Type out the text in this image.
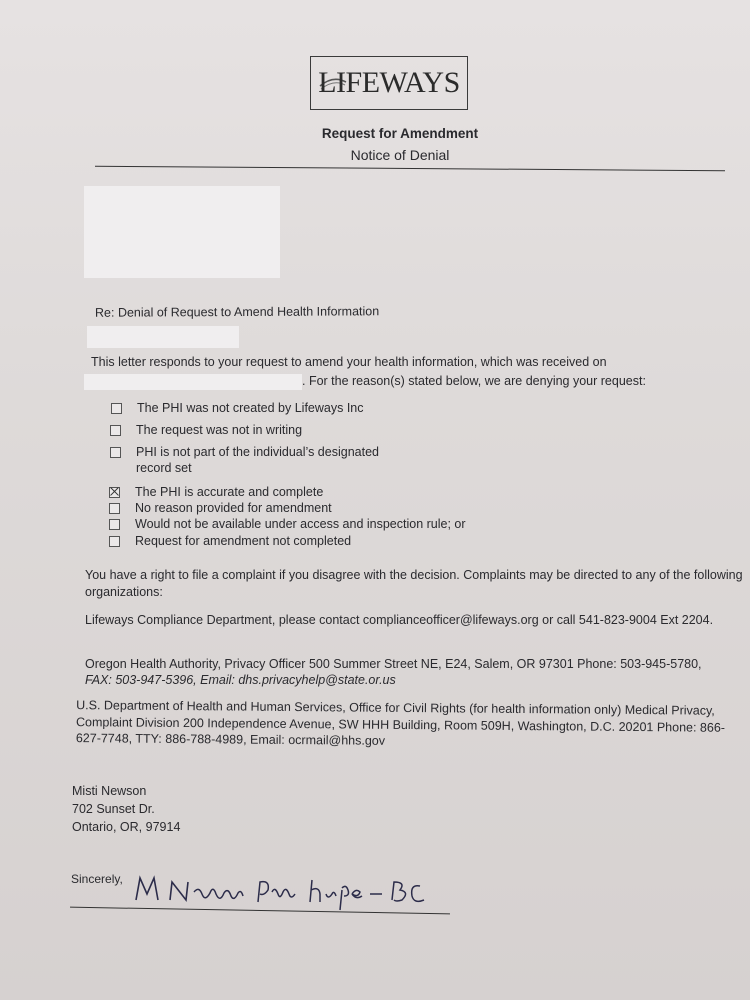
LIFEWAYS
Request for Amendment
Notice of Denial
Re: Denial of Request to Amend Health Information
This letter responds to your request to amend your health information, which was received on
. For the reason(s) stated below, we are denying your request:
The PHI was not created by Lifeways Inc
The request was not in writing
PHI is not part of the individual’s designated
record set
The PHI is accurate and complete
No reason provided for amendment
Would not be available under access and inspection rule; or
Request for amendment not completed
You have a right to file a complaint if you disagree with the decision. Complaints may be directed to any of the following organizations:
Lifeways Compliance Department, please contact complianceofficer@lifeways.org or call 541-823-9004 Ext 2204.
Oregon Health Authority, Privacy Officer 500 Summer Street NE, E24, Salem, OR 97301 Phone: 503-945-5780,
FAX: 503-947-5396, Email: dhs.privacyhelp@state.or.us
U.S. Department of Health and Human Services, Office for Civil Rights (for health information only) Medical Privacy, Complaint Division 200 Independence Avenue, SW HHH Building, Room 509H, Washington, D.C. 20201 Phone: 866-627-7748, TTY: 886-788-4989, Email: ocrmail@hhs.gov
Misti Newson
702 Sunset Dr.
Ontario, OR, 97914
Sincerely,
